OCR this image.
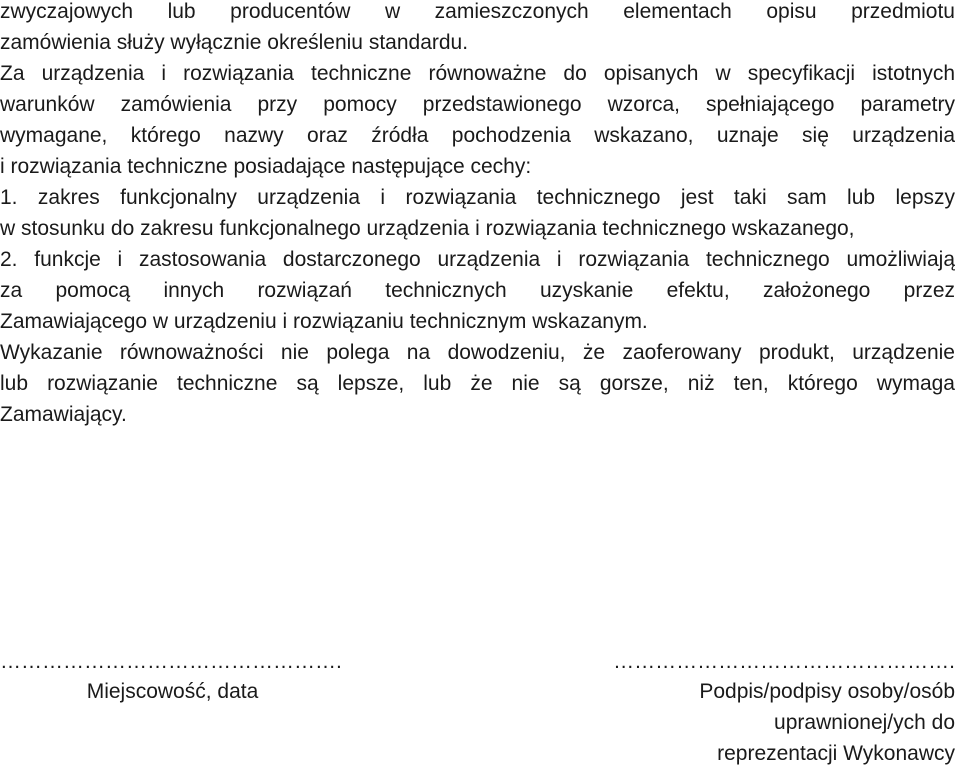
zwyczajowych lub producentów w zamieszczonych elementach opisu przedmiotu
zamówienia służy wyłącznie określeniu standardu.
Za urządzenia i rozwiązania techniczne równoważne do opisanych w specyfikacji istotnych
warunków zamówienia przy pomocy przedstawionego wzorca, spełniającego parametry
wymagane, którego nazwy oraz źródła pochodzenia wskazano, uznaje się urządzenia
i rozwiązania techniczne posiadające następujące cechy:
1. zakres funkcjonalny urządzenia i rozwiązania technicznego jest taki sam lub lepszy
w stosunku do zakresu funkcjonalnego urządzenia i rozwiązania technicznego wskazanego,
2. funkcje i zastosowania dostarczonego urządzenia i rozwiązania technicznego umożliwiają
za pomocą innych rozwiązań technicznych uzyskanie efektu, założonego przez
Zamawiającego w urządzeniu i rozwiązaniu technicznym wskazanym.
Wykazanie równoważności nie polega na dowodzeniu, że zaoferowany produkt, urządzenie
lub rozwiązanie techniczne są lepsze, lub że nie są gorsze, niż ten, którego wymaga
Zamawiający.
………………………………………….
Miejscowość, data
………………………………………….
Podpis/podpisy osoby/osób
uprawnionej/ych do
reprezentacji Wykonawcy
